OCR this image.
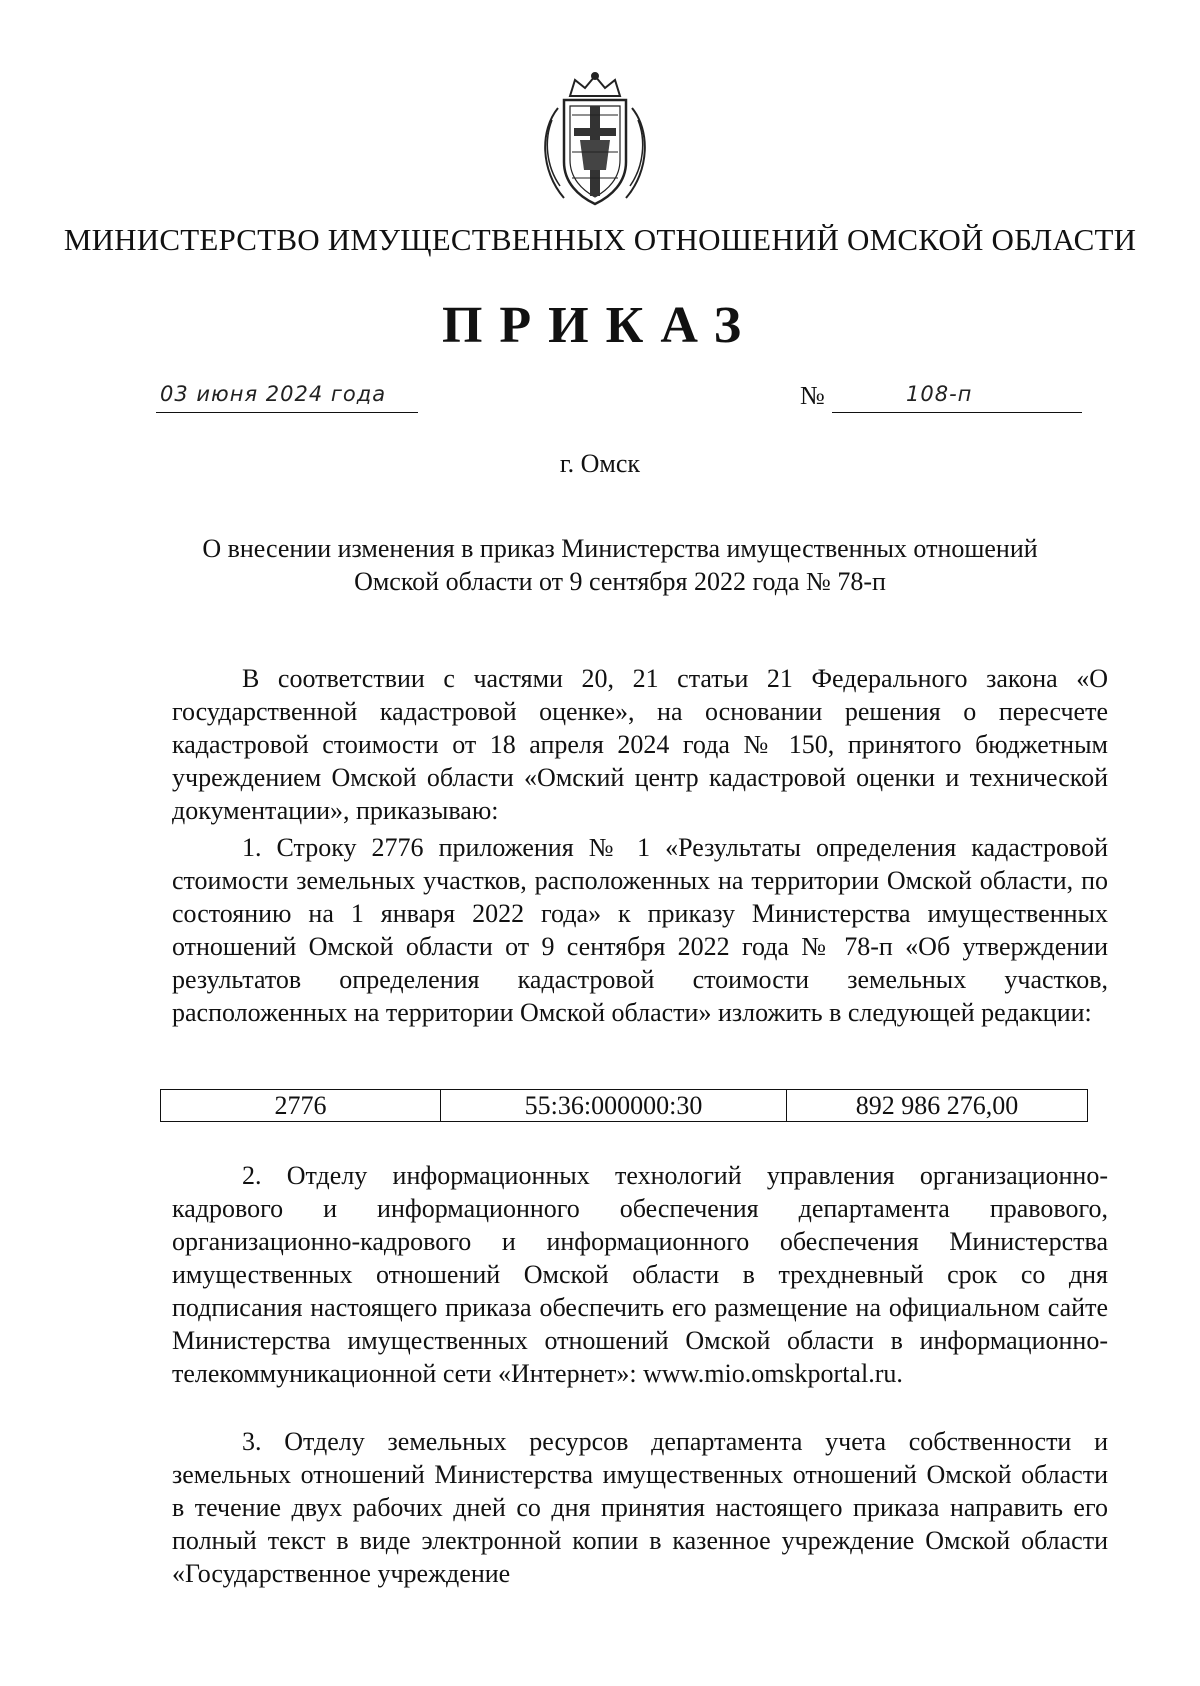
МИНИСТЕРСТВО ИМУЩЕСТВЕННЫХ ОТНОШЕНИЙ ОМСКОЙ ОБЛАСТИ
ПРИКАЗ
03 июня 2024 года	№	108-п
г. Омск
О внесении изменения в приказ Министерства имущественных отношений
Омской области от 9 сентября 2022 года № 78-п

В соответствии с частями 20, 21 статьи 21 Федерального закона «О государственной кадастровой оценке», на основании решения о пересчете кадастровой стоимости от 18 апреля 2024 года № 150, принятого бюджетным учреждением Омской области «Омский центр кадастровой оценки и технической документации», приказываю:

1. Строку 2776 приложения № 1 «Результаты определения кадастровой стоимости земельных участков, расположенных на территории Омской области, по состоянию на 1 января 2022 года» к приказу Министерства имущественных отношений Омской области от 9 сентября 2022 года № 78-п «Об утверждении результатов определения кадастровой стоимости земельных участков, расположенных на территории Омской области» изложить в следующей редакции:

2776	55:36:000000:30	892 986 276,00

2. Отделу информационных технологий управления организационно-кадрового и информационного обеспечения департамента правового, организационно-кадрового и информационного обеспечения Министерства имущественных отношений Омской области в трехдневный срок со дня подписания настоящего приказа обеспечить его размещение на официальном сайте Министерства имущественных отношений Омской области в информационно-телекоммуникационной сети «Интернет»: www.mio.omskportal.ru.

3. Отделу земельных ресурсов департамента учета собственности и земельных отношений Министерства имущественных отношений Омской области в течение двух рабочих дней со дня принятия настоящего приказа направить его полный текст в виде электронной копии в казенное учреждение Омской области «Государственное учреждение
